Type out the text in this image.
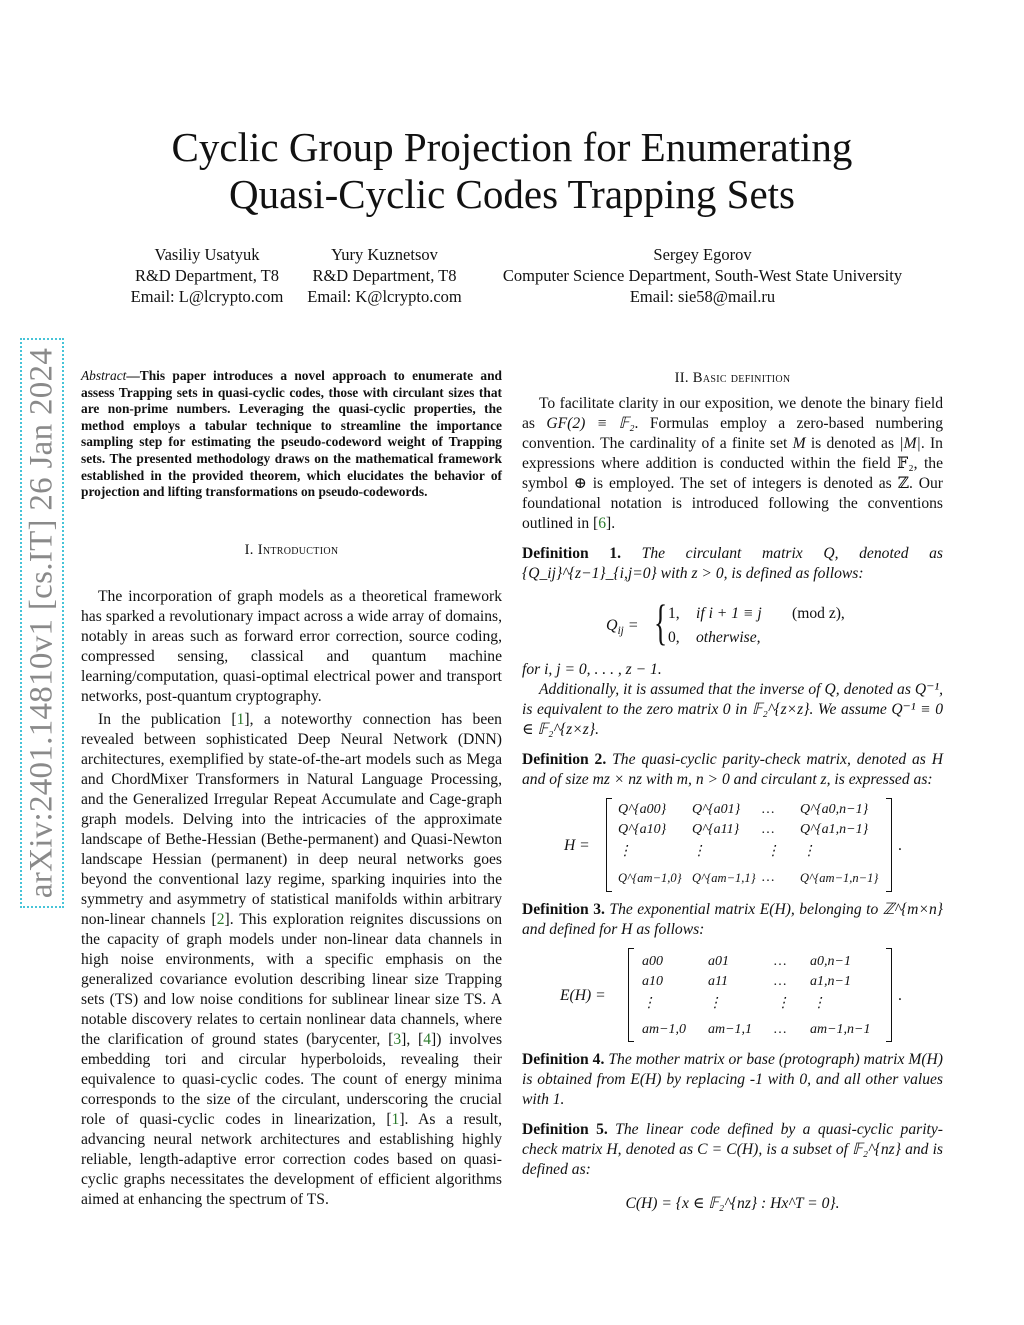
Cyclic Group Projection for Enumerating
Quasi-Cyclic Codes Trapping Sets
Vasiliy Usatyuk
R&D Department, T8
Email: L@lcrypto.com
Yury Kuznetsov
R&D Department, T8
Email: K@lcrypto.com
Sergey Egorov
Computer Science Department, South-West State University
Email: sie58@mail.ru
arXiv:2401.14810v1 [cs.IT] 26 Jan 2024 Abstract—This paper introduces a novel approach to enumerate and assess Trapping sets in quasi-cyclic codes, those with circulant sizes that are non-prime numbers. Leveraging the quasi-cyclic properties, the method employs a tabular technique to streamline the importance sampling step for estimating the pseudo-codeword weight of Trapping sets. The presented methodology draws on the mathematical framework established in the provided theorem, which elucidates the behavior of projection and lifting transformations on pseudo-codewords.
I. Introduction

The incorporation of graph models as a theoretical framework has sparked a revolutionary impact across a wide array of domains, notably in areas such as forward error correction, source coding, compressed sensing, classical and quantum machine learning/computation, quasi-optimal electrical power and transport networks, post-quantum cryptography.

In the publication [ 1 ] , a noteworthy connection has been revealed between sophisticated Deep Neural Network (DNN) architectures, exemplified by state-of-the-art models such as Mega and ChordMixer Transformers in Natural Language Processing, and the Generalized Irregular Repeat Accumulate and Cage-graph graph models. Delving into the intricacies of the approximate landscape of Bethe-Hessian (Bethe-permanent) and Quasi-Newton landscape Hessian (permanent) in deep neural networks goes beyond the conventional lazy regime, sparking inquiries into the symmetry and asymmetry of statistical manifolds within arbitrary non-linear channels [ 2 ] . This exploration reignites discussions on the capacity of graph models under non-linear data channels in high noise environments, with a specific emphasis on the generalized covariance evolution describing linear size Trapping sets (TS) and low noise conditions for sublinear linear size TS. A notable discovery relates to certain nonlinear data channels, where the clarification of ground states (barycenter, [ 3 ] , [ 4 ] ) involves embedding tori and circular hyperboloids, revealing their equivalence to quasi-cyclic codes. The count of energy minima corresponds to the size of the circulant, underscoring the crucial role of quasi-cyclic codes in linearization, [ 1 ] . As a result, advancing neural network architectures and establishing highly reliable, length-adaptive error correction codes based on quasi-cyclic graphs necessitates the development of efficient algorithms aimed at enhancing the spectrum of TS.

II. Basic definition

To facilitate clarity in our exposition, we denote the binary field as GF(2) ≡ 𝔽₂. Formulas employ a zero-based numbering convention. The cardinality of a finite set M is denoted as |M|. In expressions where addition is conducted within the field 𝔽₂, the symbol ⊕ is employed. The set of integers is denoted as ℤ. Our foundational notation is introduced following the conventions outlined in [ 6 ] .

Definition 1. The circulant matrix Q, denoted as {Q_ij}^{z−1}_{i,j=0} with z > 0, is defined as follows:

$Q_{ij}$ = { 1, if i + 1 ≡ j (mod z),
0, otherwise,

for i, j = 0, . . . , z − 1.

Additionally, it is assumed that the inverse of Q, denoted as Q⁻¹, is equivalent to the zero matrix 0 in 𝔽₂^{z×z}. We assume Q⁻¹ ≡ 0 ∈ 𝔽₂^{z×z}.

Definition 2. The quasi-cyclic parity-check matrix, denoted as H and of size mz × nz with m, n > 0 and circulant z, is expressed as:

H =
Q^{a00} Q^{a01} … Q^{a0,n−1}
Q^{a10} Q^{a11} … Q^{a1,n−1}
⋮	⋮	⋮ ⋮
Q^{am−1,0} Q^{am−1,1} … Q^{am−1,n−1}
.

Definition 3. The exponential matrix E(H), belonging to ℤ^{m×n} and defined for H as follows:

E(H) =
a00	a01	… a0,n−1
a10	a11	… a1,n−1
⋮	⋮	⋮ ⋮
am−1,0 am−1,1 … am−1,n−1
.

Definition 4. The mother matrix or base (protograph) matrix M(H) is obtained from E(H) by replacing -1 with 0, and all other values with 1.

Definition 5. The linear code defined by a quasi-cyclic parity-check matrix H, denoted as C = C(H), is a subset of 𝔽₂^{nz} and is defined as:

C(H) = {x ∈ 𝔽₂^{nz} : Hx^T = 0}.
